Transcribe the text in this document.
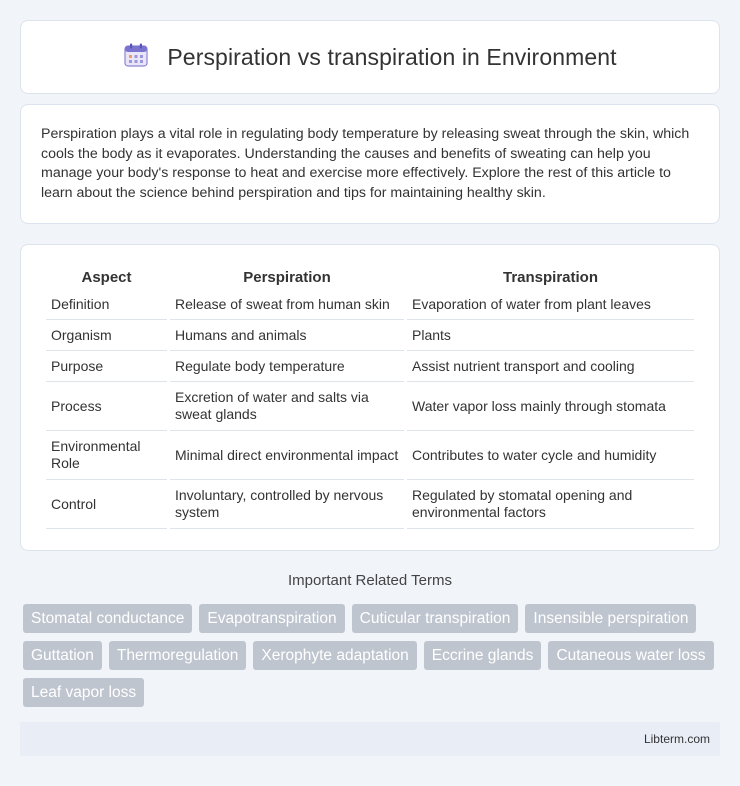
Perspiration vs transpiration in Environment

Perspiration plays a vital role in regulating body temperature by releasing sweat through the skin, which cools the body as it evaporates. Understanding the causes and benefits of sweating can help you manage your body's response to heat and exercise more effectively. Explore the rest of this article to learn about the science behind perspiration and tips for maintaining healthy skin.

Aspect	Perspiration	Transpiration
Definition	Release of sweat from human skin	Evaporation of water from plant leaves
Organism	Humans and animals	Plants
Purpose	Regulate body temperature	Assist nutrient transport and cooling
Process	Excretion of water and salts via sweat glands	Water vapor loss mainly through stomata
Environmental Role	Minimal direct environmental impact	Contributes to water cycle and humidity
Control	Involuntary, controlled by nervous system	Regulated by stomatal opening and environmental factors
Important Related Terms
Stomatal conductance	Evapotranspiration	Cuticular transpiration	Insensible perspiration
Guttation	Thermoregulation	Xerophyte adaptation	Eccrine glands	Cutaneous water loss
Leaf vapor loss
Libterm.com
